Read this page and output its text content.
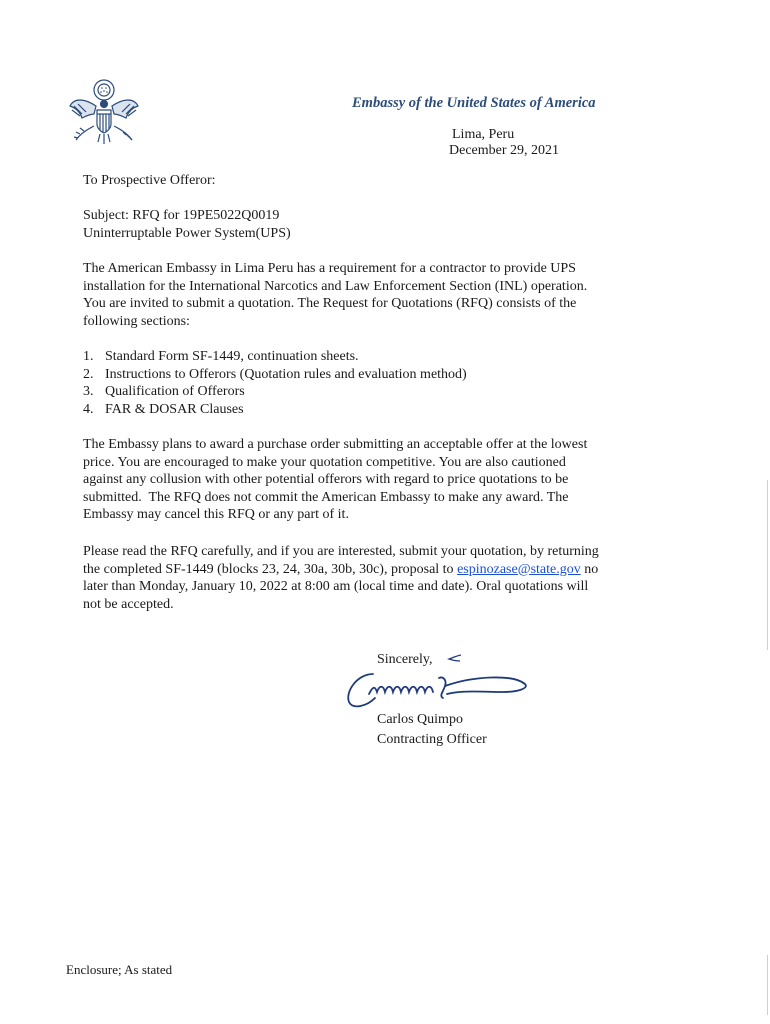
Embassy of the United States of America
Lima, Peru
December 29, 2021
To Prospective Offeror:
Subject: RFQ for 19PE5022Q0019
Uninterruptable Power System(UPS)
The American Embassy in Lima Peru has a requirement for a contractor to provide UPS
installation for the International Narcotics and Law Enforcement Section (INL) operation.
You are invited to submit a quotation. The Request for Quotations (RFQ) consists of the
following sections:
1. Standard Form SF-1449, continuation sheets.
2. Instructions to Offerors (Quotation rules and evaluation method)
3. Qualification of Offerors
4. FAR & DOSAR Clauses
The Embassy plans to award a purchase order submitting an acceptable offer at the lowest
price. You are encouraged to make your quotation competitive. You are also cautioned
against any collusion with other potential offerors with regard to price quotations to be
submitted.  The RFQ does not commit the American Embassy to make any award. The
Embassy may cancel this RFQ or any part of it.
Please read the RFQ carefully, and if you are interested, submit your quotation, by returning
the completed SF-1449 (blocks 23, 24, 30a, 30b, 30c), proposal to espinozase@state.gov no
later than Monday, January 10, 2022 at 8:00 am (local time and date). Oral quotations will
not be accepted.
Sincerely,
Carlos Quimpo
Contracting Officer
Enclosure; As stated
